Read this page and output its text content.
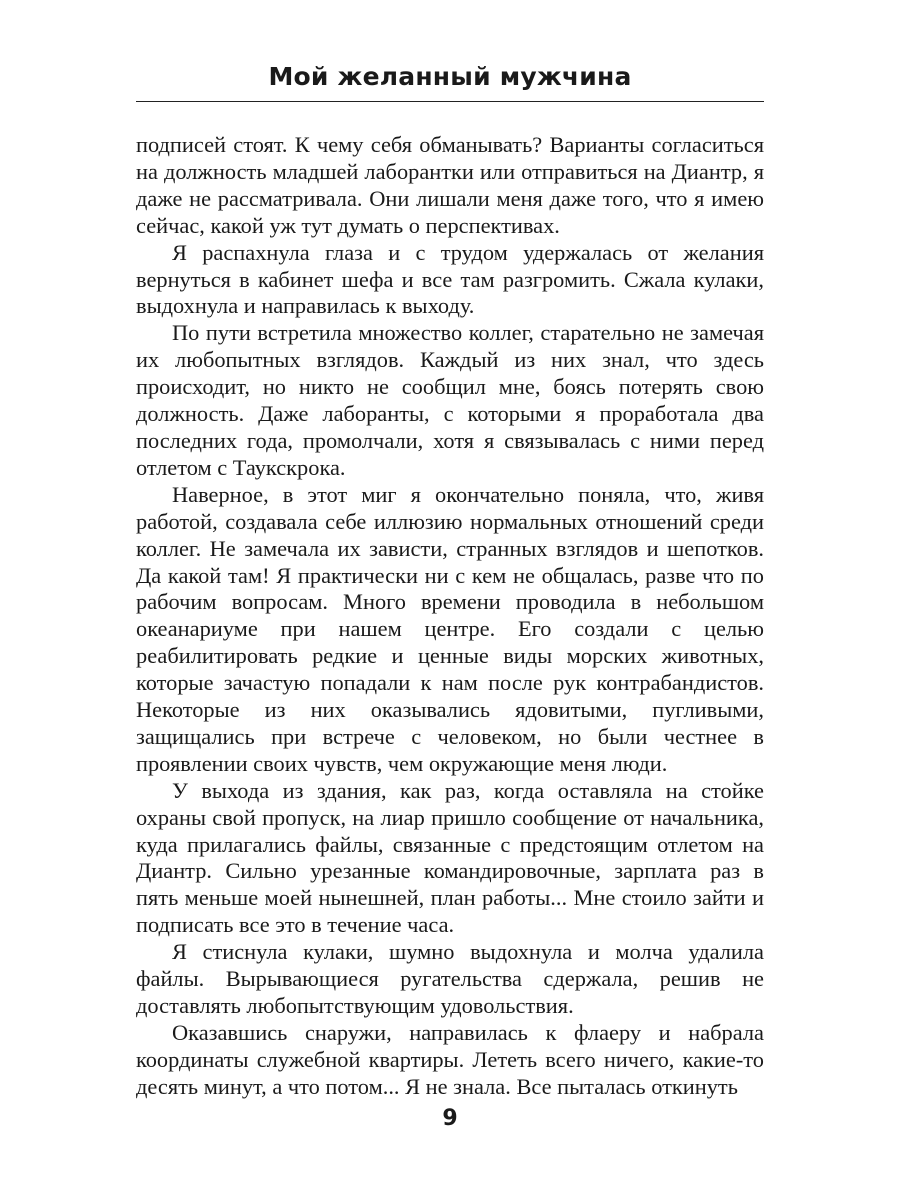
Мой желанный мужчина

подписей стоят. К чему себя обманывать? Варианты согласиться на должность младшей лаборантки или отправиться на Диантр, я даже не рассматривала. Они лишали меня даже того, что я имею сейчас, какой уж тут думать о перспективах.

Я распахнула глаза и с трудом удержалась от желания вернуться в кабинет шефа и все там разгромить. Сжала кулаки, выдохнула и направилась к выходу.

По пути встретила множество коллег, старательно не замечая их любопытных взглядов. Каждый из них знал, что здесь происходит, но никто не сообщил мне, боясь потерять свою должность. Даже лаборанты, с которыми я проработала два последних года, промолчали, хотя я связывалась с ними перед отлетом с Таукскрока.

Наверное, в этот миг я окончательно поняла, что, живя работой, создавала себе иллюзию нормальных отношений среди коллег. Не замечала их зависти, странных взглядов и шепотков. Да какой там! Я практически ни с кем не общалась, разве что по рабочим вопросам. Много времени проводила в небольшом океанариуме при нашем центре. Его создали с целью реабилитировать редкие и ценные виды морских животных, которые зачастую попадали к нам после рук контрабандистов. Некоторые из них оказывались ядовитыми, пугливыми, защищались при встрече с человеком, но были честнее в проявлении своих чувств, чем окружающие меня люди.

У выхода из здания, как раз, когда оставляла на стойке охраны свой пропуск, на лиар пришло сообщение от начальника, куда прилагались файлы, связанные с предстоящим отлетом на Диантр. Сильно урезанные командировочные, зарплата раз в пять меньше моей нынешней, план работы... Мне стоило зайти и подписать все это в течение часа.

Я стиснула кулаки, шумно выдохнула и молча удалила файлы. Вырывающиеся ругательства сдержала, решив не доставлять любопытствующим удовольствия.

Оказавшись снаружи, направилась к флаеру и набрала координаты служебной квартиры. Лететь всего ничего, какие-то десять минут, а что потом... Я не знала. Все пыталась откинуть

9
